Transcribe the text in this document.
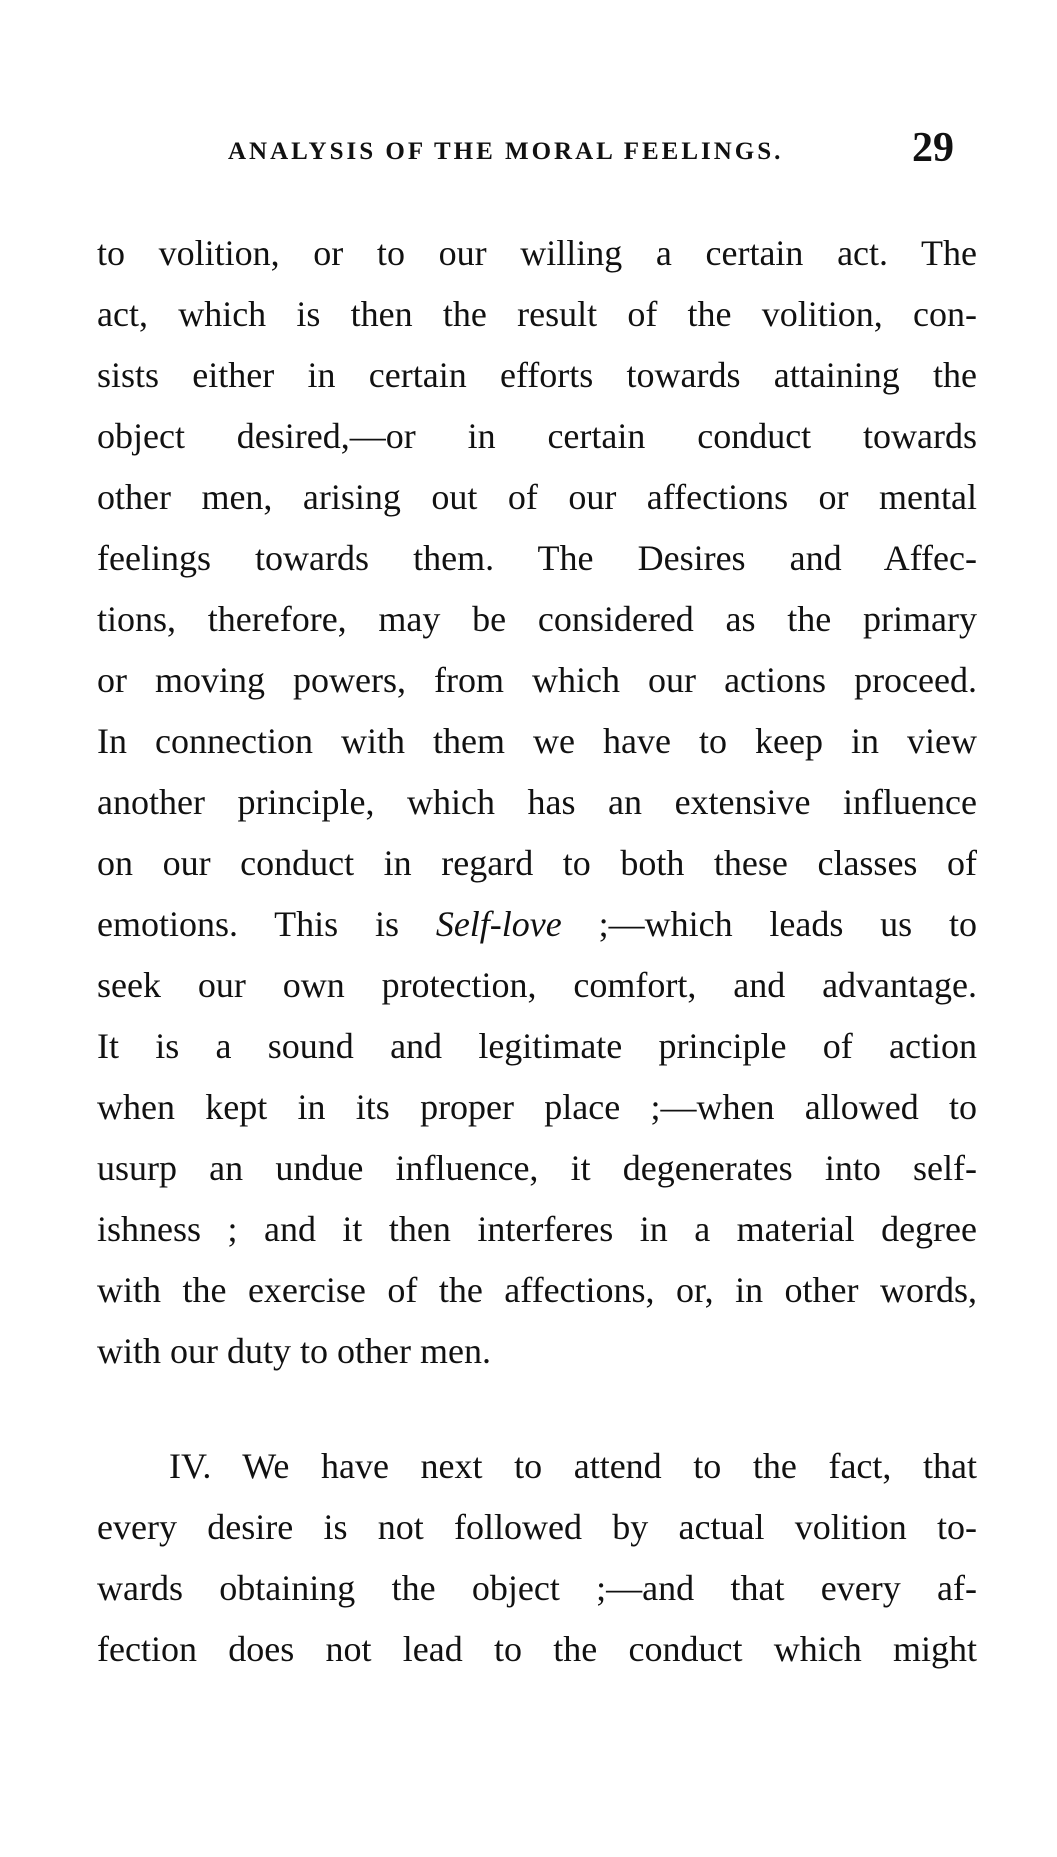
ANALYSIS OF THE MORAL FEELINGS.	29
to volition, or to our willing a certain act. The
act, which is then the result of the volition, con-
sists either in certain efforts towards attaining the
object desired,—or in certain conduct towards
other men, arising out of our affections or mental
feelings towards them. The Desires and Affec-
tions, therefore, may be considered as the primary
or moving powers, from which our actions proceed.
In connection with them we have to keep in view
another principle, which has an extensive influence
on our conduct in regard to both these classes of
emotions. This is Self-love ;—which leads us to
seek our own protection, comfort, and advantage.
It is a sound and legitimate principle of action
when kept in its proper place ;—when allowed to
usurp an undue influence, it degenerates into self-
ishness ; and it then interferes in a material degree
with the exercise of the affections, or, in other words,
with our duty to other men.
IV. We have next to attend to the fact, that
every desire is not followed by actual volition to-
wards obtaining the object ;—and that every af-
fection does not lead to the conduct which might
